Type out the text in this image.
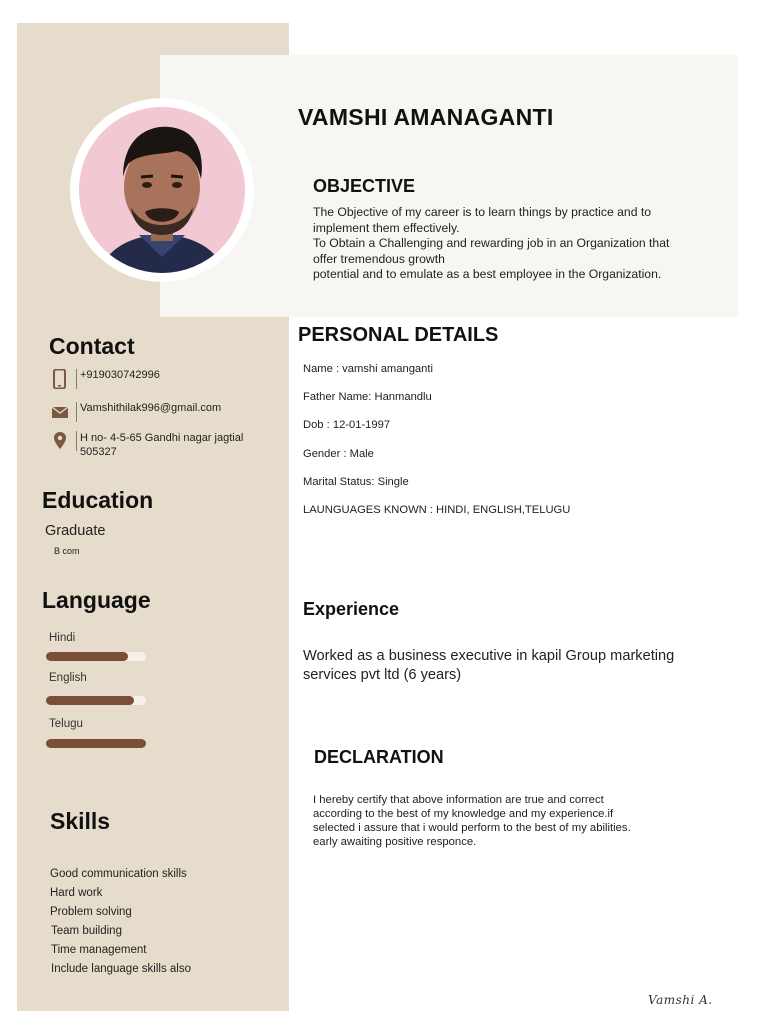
VAMSHI AMANAGANTI
OBJECTIVE
The Objective of my career is to learn things by practice and to
implement them effectively.
To Obtain a Challenging and rewarding job in an Organization that
offer tremendous growth
potential and to emulate as a best employee in the Organization.
Contact
+919030742996
Vamshithilak996@gmail.com
H no- 4-5-65 Gandhi nagar jagtial
505327
Education
Graduate
B com
Language
Hindi
English
Telugu
Skills
Good communication skills
Hard work
Problem solving
Team building
Time management
Include language skills also
PERSONAL DETAILS
Name : vamshi amanganti
Father Name: Hanmandlu
Dob : 12-01-1997
Gender : Male
Marital Status: Single
LAUNGUAGES KNOWN : HINDI, ENGLISH,TELUGU
Experience
Worked as a business executive in kapil Group marketing
services pvt ltd (6 years)
DECLARATION
I hereby certify that above information are true and correct
according to the best of my knowledge and my experience.if
selected i assure that i would perform to the best of my abilities.
early awaiting positive responce.
Vamshi A.
